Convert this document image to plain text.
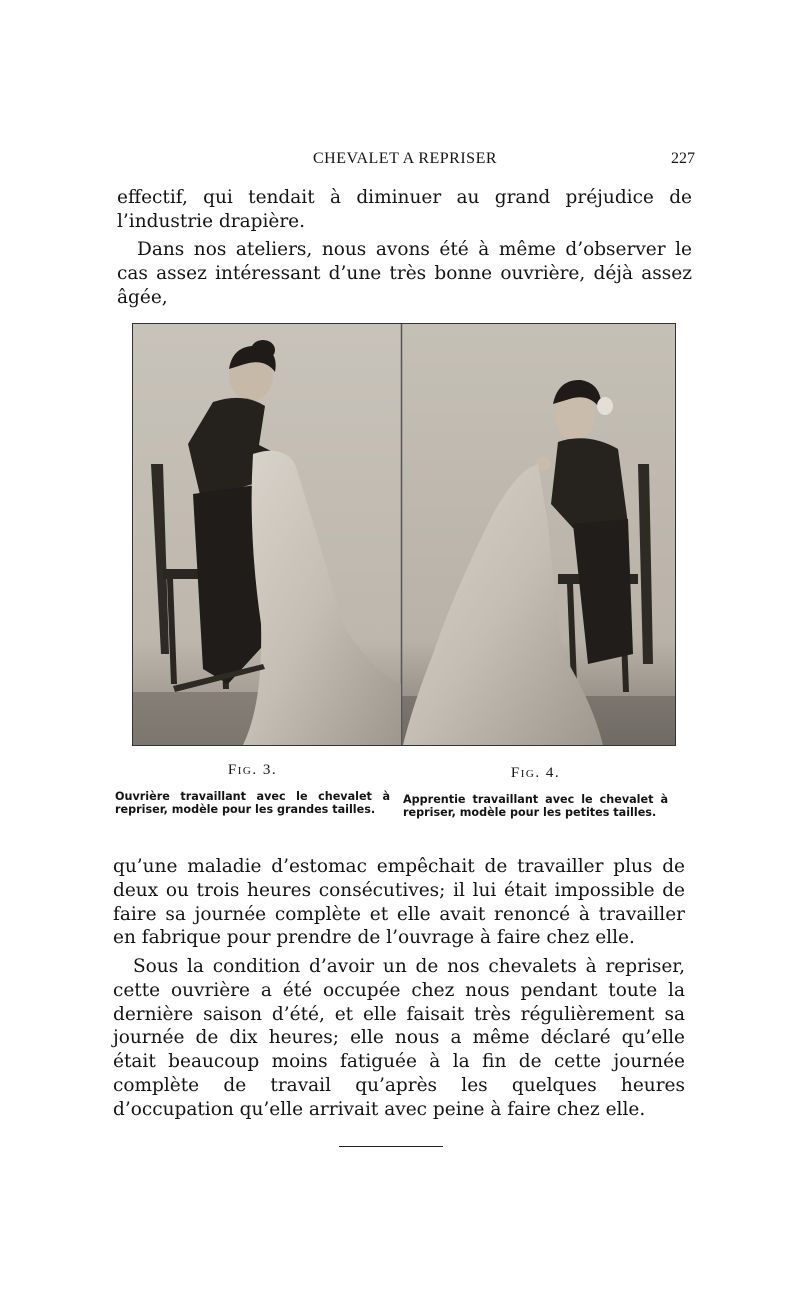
CHEVALET A REPRISER	227

effectif, qui tendait à diminuer au grand préjudice de l’industrie drapière.

Dans nos ateliers, nous avons été à même d’observer le cas assez intéressant d’une très bonne ouvrière, déjà assez âgée,

Fig. 3.

Ouvrière travaillant avec le chevalet à repriser, modèle pour les grandes tailles.

Fig. 4.

Apprentie travaillant avec le chevalet à repriser, modèle pour les petites tailles.

qu’une maladie d’estomac empêchait de travailler plus de deux ou trois heures consécutives; il lui était impossible de faire sa journée complète et elle avait renoncé à travailler en fabrique pour prendre de l’ouvrage à faire chez elle.

Sous la condition d’avoir un de nos chevalets à repriser, cette ouvrière a été occupée chez nous pendant toute la dernière saison d’été, et elle faisait très régulièrement sa journée de dix heures; elle nous a même déclaré qu’elle était beaucoup moins fatiguée à la fin de cette journée complète de travail qu’après les quelques heures d’occupation qu’elle arrivait avec peine à faire chez elle.
